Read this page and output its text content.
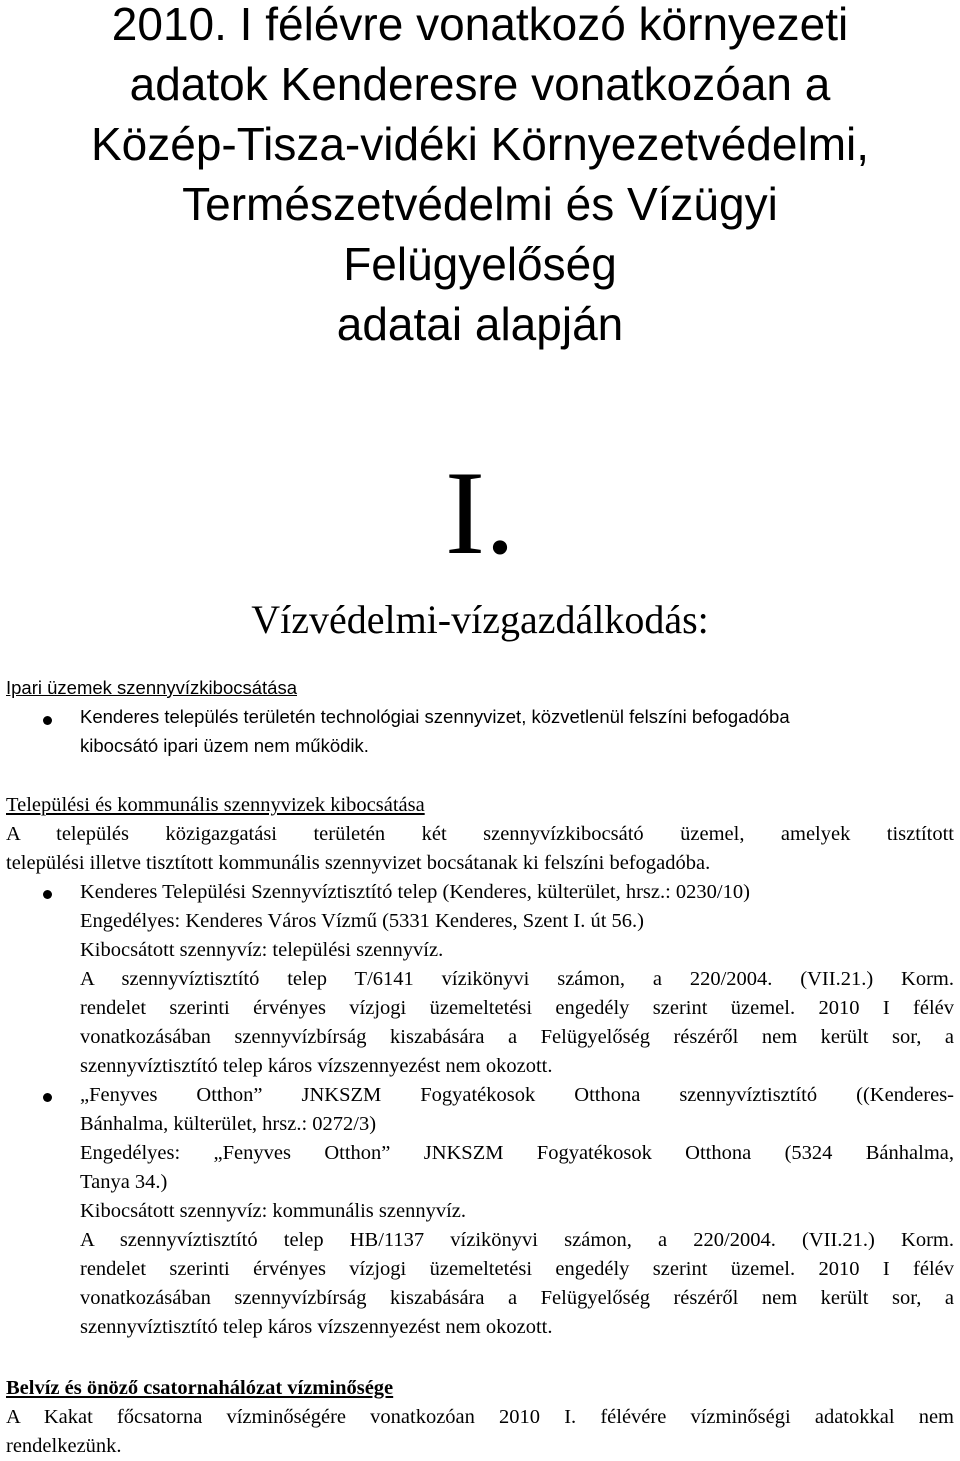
2010. I félévre vonatkozó környezeti
adatok Kenderesre vonatkozóan a
Közép-Tisza-vidéki Környezetvédelmi,
Természetvédelmi és Vízügyi
Felügyelőség
adatai alapján
I.
Vízvédelmi-vízgazdálkodás:
Ipari üzemek szennyvízkibocsátása
Kenderes település területén technológiai szennyvizet, közvetlenül felszíni befogadóba
kibocsátó ipari üzem nem működik.
Települési és kommunális szennyvizek kibocsátása
A település közigazgatási területén két szennyvízkibocsátó üzemel, amelyek tisztított
települési illetve tisztított kommunális szennyvizet bocsátanak ki felszíni befogadóba.
Kenderes Települési Szennyvíztisztító telep (Kenderes, külterület, hrsz.: 0230/10)
Engedélyes: Kenderes Város Vízmű (5331 Kenderes, Szent I. út 56.)
Kibocsátott szennyvíz: települési szennyvíz.
A szennyvíztisztító telep T/6141 vízikönyvi számon, a 220/2004. (VII.21.) Korm.
rendelet szerinti érvényes vízjogi üzemeltetési engedély szerint üzemel. 2010 I félév
vonatkozásában szennyvízbírság kiszabására a Felügyelőség részéről nem került sor, a
szennyvíztisztító telep káros vízszennyezést nem okozott.
„Fenyves Otthon” JNKSZM Fogyatékosok Otthona szennyvíztisztító ((Kenderes-
Bánhalma, külterület, hrsz.: 0272/3)
Engedélyes: „Fenyves Otthon” JNKSZM Fogyatékosok Otthona (5324 Bánhalma,
Tanya 34.)
Kibocsátott szennyvíz: kommunális szennyvíz.
A szennyvíztisztító telep HB/1137 vízikönyvi számon, a 220/2004. (VII.21.) Korm.
rendelet szerinti érvényes vízjogi üzemeltetési engedély szerint üzemel. 2010 I félév
vonatkozásában szennyvízbírság kiszabására a Felügyelőség részéről nem került sor, a
szennyvíztisztító telep káros vízszennyezést nem okozott.
Belvíz és önöző csatornahálózat vízminősége
A Kakat főcsatorna vízminőségére vonatkozóan 2010 I. félévére vízminőségi adatokkal nem
rendelkezünk.
